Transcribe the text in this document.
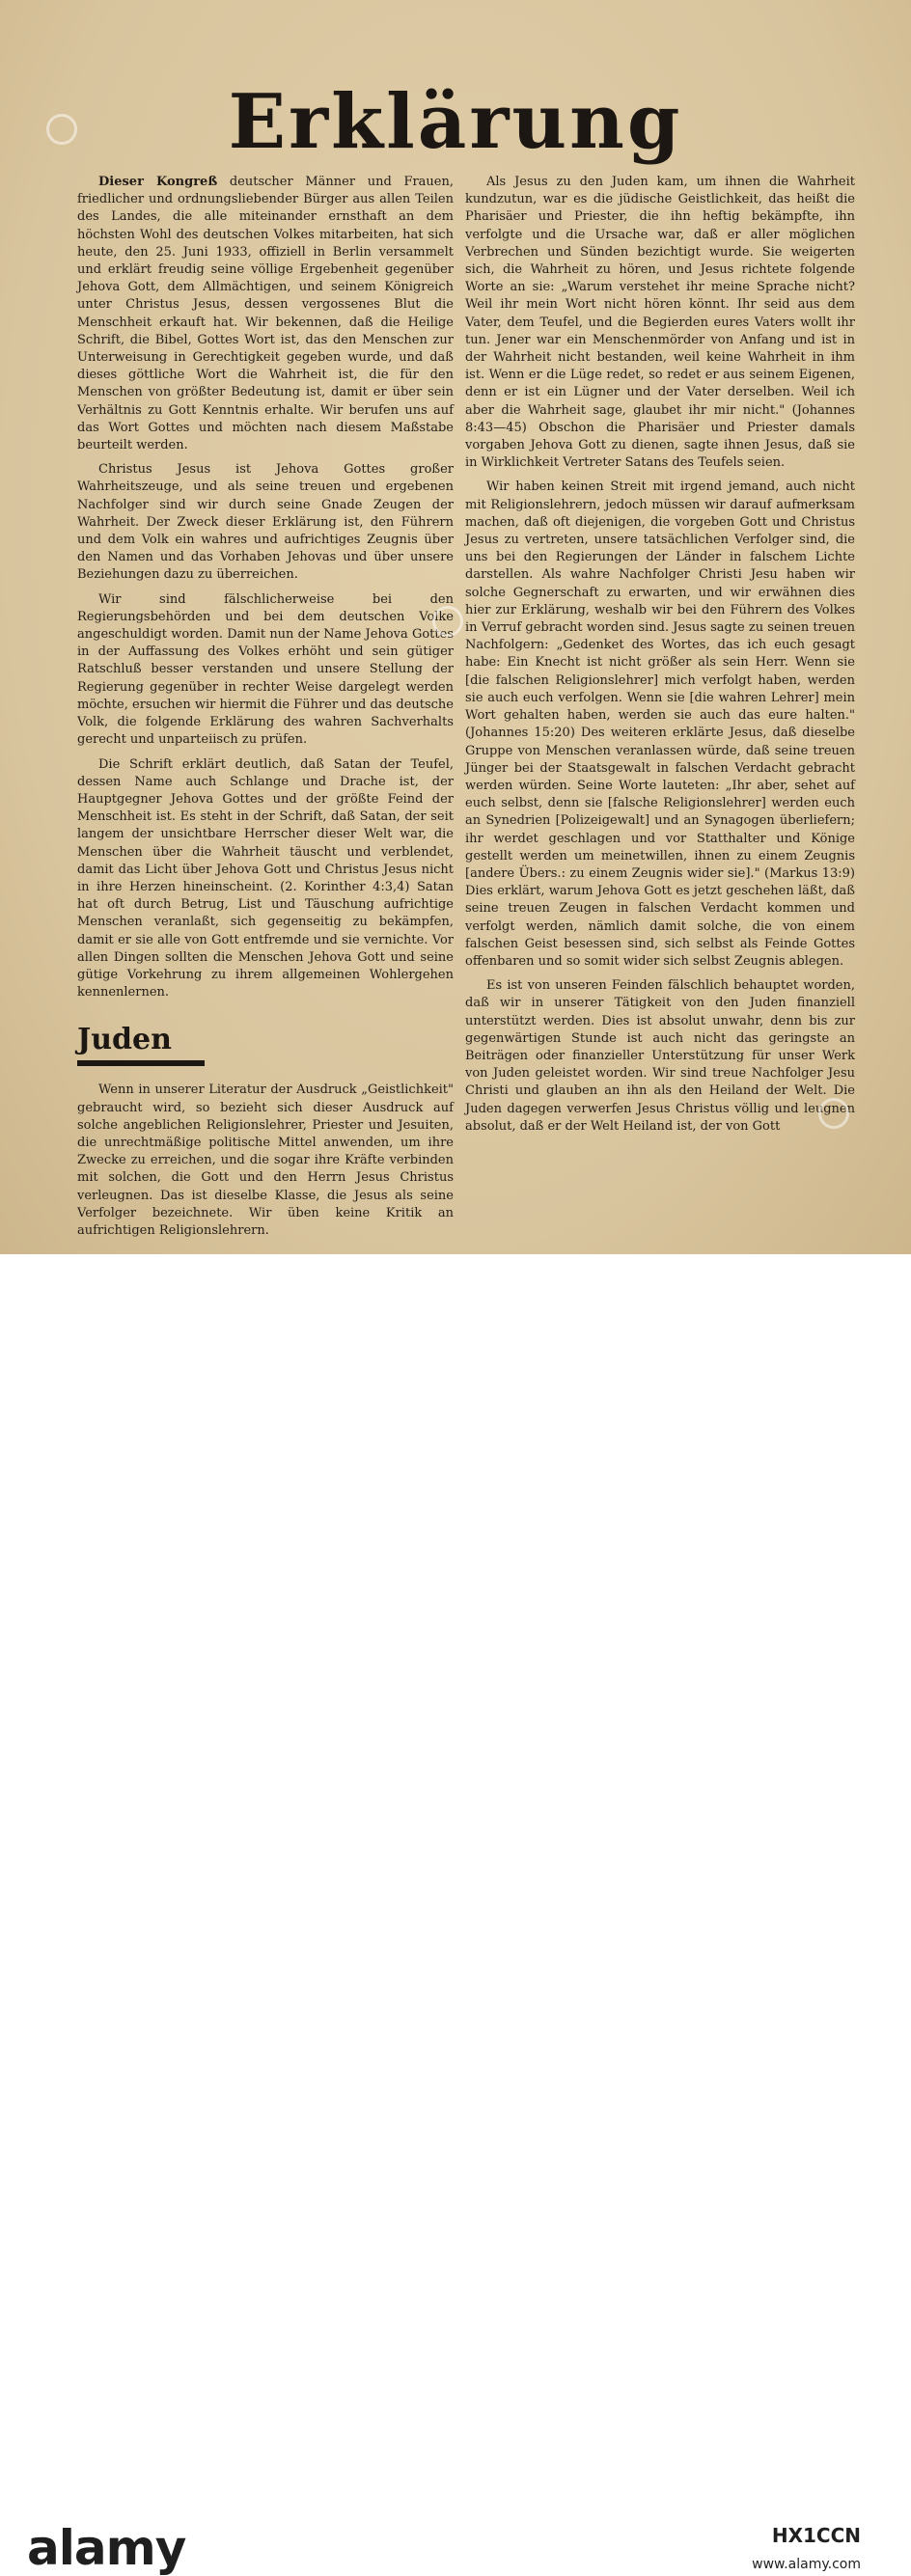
Erklärung

Dieser Kongreß deutscher Männer und Frauen, friedlicher und ordnungsliebender Bürger aus allen Teilen des Landes, die alle miteinander ernsthaft an dem höchsten Wohl des deutschen Volkes mitarbeiten, hat sich heute, den 25. Juni 1933, offiziell in Berlin versammelt und erklärt freudig seine völlige Ergebenheit gegenüber Jehova Gott, dem Allmächtigen, und seinem Königreich unter Christus Jesus, dessen vergossenes Blut die Menschheit erkauft hat. Wir bekennen, daß die Heilige Schrift, die Bibel, Gottes Wort ist, das den Menschen zur Unterweisung in Gerechtigkeit gegeben wurde, und daß dieses göttliche Wort die Wahrheit ist, die für den Menschen von größter Bedeutung ist, damit er über sein Verhältnis zu Gott Kenntnis erhalte. Wir berufen uns auf das Wort Gottes und möchten nach diesem Maßstabe beurteilt werden.

Christus Jesus ist Jehova Gottes großer Wahrheitszeuge, und als seine treuen und ergebenen Nachfolger sind wir durch seine Gnade Zeugen der Wahrheit. Der Zweck dieser Erklärung ist, den Führern und dem Volk ein wahres und aufrichtiges Zeugnis über den Namen und das Vorhaben Jehovas und über unsere Beziehungen dazu zu überreichen.

Wir sind fälschlicherweise bei den Regierungsbehörden und bei dem deutschen Volke angeschuldigt worden. Damit nun der Name Jehova Gottes in der Auffassung des Volkes erhöht und sein gütiger Ratschluß besser verstanden und unsere Stellung der Regierung gegenüber in rechter Weise dargelegt werden möchte, ersuchen wir hiermit die Führer und das deutsche Volk, die folgende Erklärung des wahren Sachverhalts gerecht und unparteiisch zu prüfen.

Die Schrift erklärt deutlich, daß Satan der Teufel, dessen Name auch Schlange und Drache ist, der Hauptgegner Jehova Gottes und der größte Feind der Menschheit ist. Es steht in der Schrift, daß Satan, der seit langem der unsichtbare Herrscher dieser Welt war, die Menschen über die Wahrheit täuscht und verblendet, damit das Licht über Jehova Gott und Christus Jesus nicht in ihre Herzen hineinscheint. (2. Korinther 4:3,4) Satan hat oft durch Betrug, List und Täuschung aufrichtige Menschen veranlaßt, sich gegenseitig zu bekämpfen, damit er sie alle von Gott entfremde und sie vernichte. Vor allen Dingen sollten die Menschen Jehova Gott und seine gütige Vorkehrung zu ihrem allgemeinen Wohlergehen kennenlernen.

Juden

Wenn in unserer Literatur der Ausdruck „Geistlichkeit" gebraucht wird, so bezieht sich dieser Ausdruck auf solche angeblichen Religionslehrer, Priester und Jesuiten, die unrechtmäßige politische Mittel anwenden, um ihre Zwecke zu erreichen, und die sogar ihre Kräfte verbinden mit solchen, die Gott und den Herrn Jesus Christus verleugnen. Das ist dieselbe Klasse, die Jesus als seine Verfolger bezeichnete. Wir üben keine Kritik an aufrichtigen Religionslehrern.

Als Jesus zu den Juden kam, um ihnen die Wahrheit kundzutun, war es die jüdische Geistlichkeit, das heißt die Pharisäer und Priester, die ihn heftig bekämpfte, ihn verfolgte und die Ursache war, daß er aller möglichen Verbrechen und Sünden bezichtigt wurde. Sie weigerten sich, die Wahrheit zu hören, und Jesus richtete folgende Worte an sie: „Warum verstehet ihr meine Sprache nicht? Weil ihr mein Wort nicht hören könnt. Ihr seid aus dem Vater, dem Teufel, und die Begierden eures Vaters wollt ihr tun. Jener war ein Menschenmörder von Anfang und ist in der Wahrheit nicht bestanden, weil keine Wahrheit in ihm ist. Wenn er die Lüge redet, so redet er aus seinem Eigenen, denn er ist ein Lügner und der Vater derselben. Weil ich aber die Wahrheit sage, glaubet ihr mir nicht." (Johannes 8:43—45) Obschon die Pharisäer und Priester damals vorgaben Jehova Gott zu dienen, sagte ihnen Jesus, daß sie in Wirklichkeit Vertreter Satans des Teufels seien.

Wir haben keinen Streit mit irgend jemand, auch nicht mit Religionslehrern, jedoch müssen wir darauf aufmerksam machen, daß oft diejenigen, die vorgeben Gott und Christus Jesus zu vertreten, unsere tatsächlichen Verfolger sind, die uns bei den Regierungen der Länder in falschem Lichte darstellen. Als wahre Nachfolger Christi Jesu haben wir solche Gegnerschaft zu erwarten, und wir erwähnen dies hier zur Erklärung, weshalb wir bei den Führern des Volkes in Verruf gebracht worden sind. Jesus sagte zu seinen treuen Nachfolgern: „Gedenket des Wortes, das ich euch gesagt habe: Ein Knecht ist nicht größer als sein Herr. Wenn sie [die falschen Religionslehrer] mich verfolgt haben, werden sie auch euch verfolgen. Wenn sie [die wahren Lehrer] mein Wort gehalten haben, werden sie auch das eure halten." (Johannes 15:20) Des weiteren erklärte Jesus, daß dieselbe Gruppe von Menschen veranlassen würde, daß seine treuen Jünger bei der Staatsgewalt in falschen Verdacht gebracht werden würden. Seine Worte lauteten: „Ihr aber, sehet auf euch selbst, denn sie [falsche Religionslehrer] werden euch an Synedrien [Polizeigewalt] und an Synagogen überliefern; ihr werdet geschlagen und vor Statthalter und Könige gestellt werden um meinetwillen, ihnen zu einem Zeugnis [andere Übers.: zu einem Zeugnis wider sie]." (Markus 13:9) Dies erklärt, warum Jehova Gott es jetzt geschehen läßt, daß seine treuen Zeugen in falschen Verdacht kommen und verfolgt werden, nämlich damit solche, die von einem falschen Geist besessen sind, sich selbst als Feinde Gottes offenbaren und so somit wider sich selbst Zeugnis ablegen.

Es ist von unseren Feinden fälschlich behauptet worden, daß wir in unserer Tätigkeit von den Juden finanziell unterstützt werden. Dies ist absolut unwahr, denn bis zur gegenwärtigen Stunde ist auch nicht das geringste an Beiträgen oder finanzieller Unterstützung für unser Werk von Juden geleistet worden. Wir sind treue Nachfolger Jesu Christi und glauben an ihn als den Heiland der Welt. Die Juden dagegen verwerfen Jesus Christus völlig und leugnen absolut, daß er der Welt Heiland ist, der von Gott

alamy	HX1CCN
www.alamy.com
